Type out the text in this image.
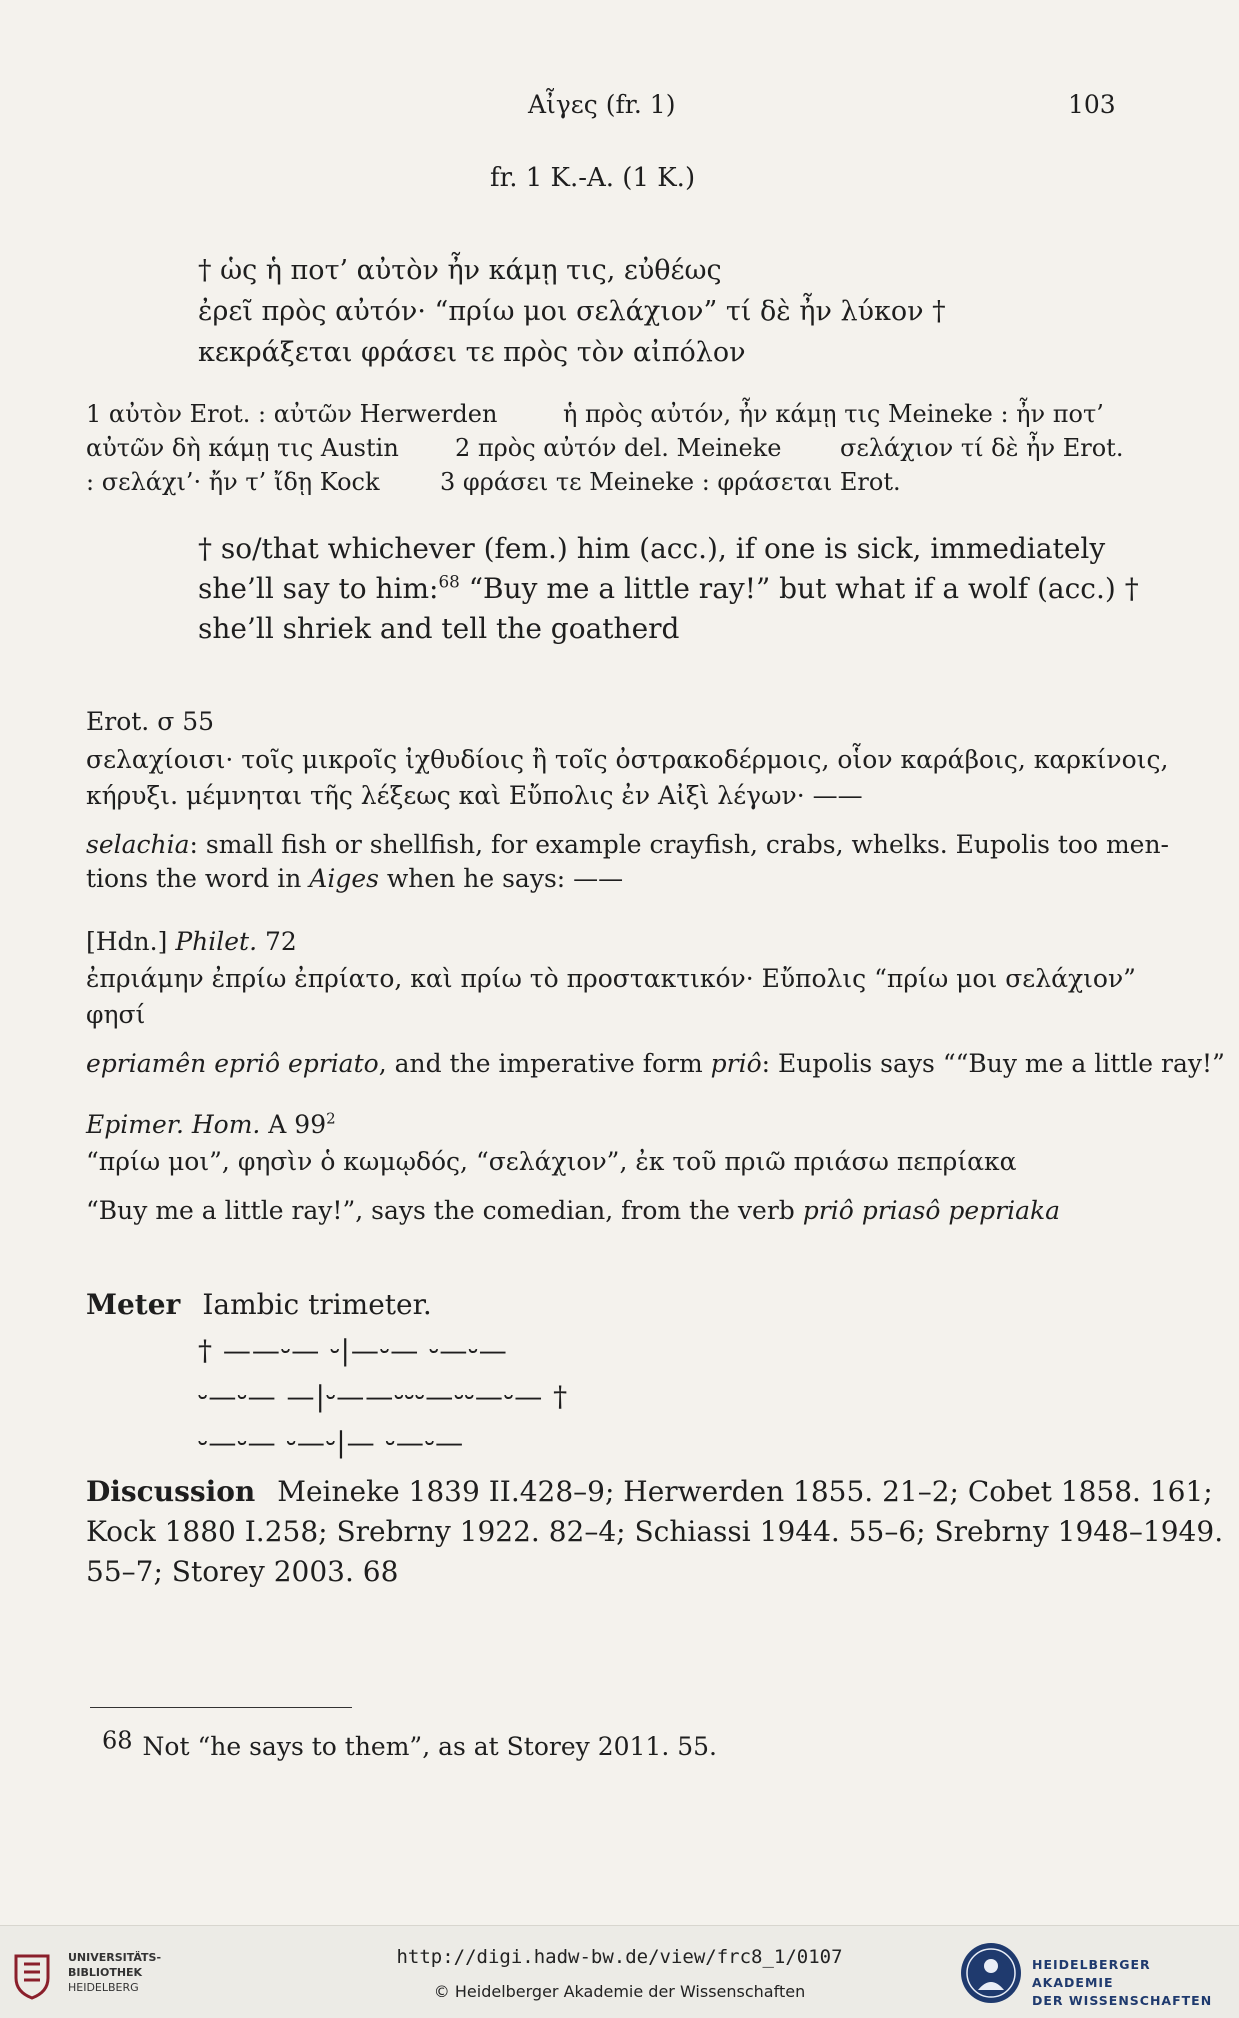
Αἶγες (fr. 1)	103
fr. 1 K.-A. (1 K.)
† ὡς ἡ ποτ’ αὐτὸν ἦν κάμῃ τις, εὐθέως
ἐρεῖ πρὸς αὐτόν· “πρίω μοι σελάχιον” τί δὲ ἦν λύκον †
κεκράξεται φράσει τε πρὸς τὸν αἰπόλον
1 αὐτὸν Erot. : αὐτῶν Herwerden	ἡ πρὸς αὐτόν, ἦν κάμῃ τις Meineke : ἦν ποτ’
αὐτῶν δὴ κάμῃ τις Austin 2 πρὸς αὐτόν del. Meineke σελάχιον τί δὲ ἦν Erot.
: σελάχι’· ἤν τ’ ἴδῃ Kock	3 φράσει τε Meineke : φράσεται Erot.
† so/that whichever (fem.) him (acc.), if one is sick, immediately
she’ll say to him:$^{68}$ “Buy me a little ray!” but what if a wolf (acc.) †
she’ll shriek and tell the goatherd
Erot. σ 55
σελαχίοισι· τοῖς μικροῖς ἰχθυδίοις ἢ τοῖς ὀστρακοδέρμοις, οἷον καράβοις, καρκίνοις,
κήρυξι. μέμνηται τῆς λέξεως καὶ Εὔπολις ἐν Αἰξὶ λέγων· ——
selachia: small fish or shellfish, for example crayfish, crabs, whelks. Eupolis too men-
tions the word in Aiges when he says: ——
[Hdn.] Philet. 72
ἐπριάμην ἐπρίω ἐπρίατο, καὶ πρίω τὸ προστακτικόν· Εὔπολις “πρίω μοι σελάχιον”
φησί
epriamên epriô epriato, and the imperative form priô: Eupolis says ““Buy me a little ray!”
Epimer. Hom. A $99^2$
“πρίω μοι”, φησὶν ὁ κωμῳδός, “σελάχιον”, ἐκ τοῦ πριῶ πριάσω πεπρίακα
“Buy me a little ray!”, says the comedian, from the verb priô priasô pepriaka
Meter Iambic trimeter.
† ——⏑— ⏑|—⏑— ⏑—⏑—
⏑—⏑— —|⏑——⏑⏑⏑—⏑⏑—⏑— †
⏑—⏑— ⏑—⏑|— ⏑—⏑—
Discussion Meineke 1839 II.428–9; Herwerden 1855. 21–2; Cobet 1858. 161;
Kock 1880 I.258; Srebrny 1922. 82–4; Schiassi 1944. 55–6; Srebrny 1948–1949.
55–7; Storey 2003. 68
$^{68}$ Not “he says to them”, as at Storey 2011. 55.
UNIVERSITÄTS-
BIBLIOTHEK
HEIDELBERG
http://digi.hadw-bw.de/view/frc8_1/0107
© Heidelberger Akademie der Wissenschaften
HEIDELBERGER AKADEMIE
DER WISSENSCHAFTEN
